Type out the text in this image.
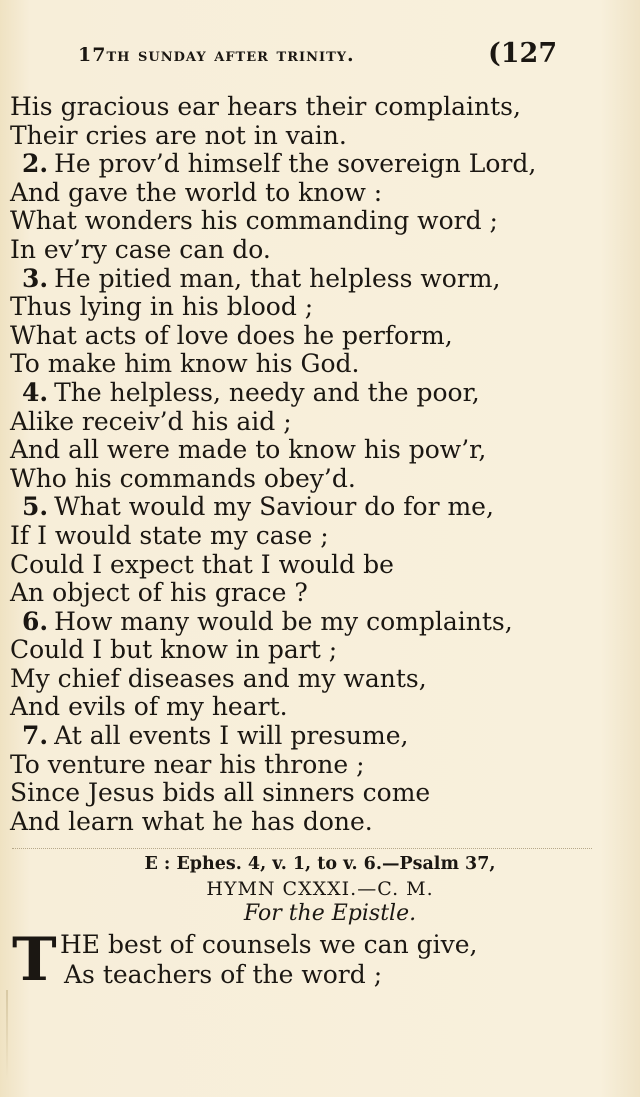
17th sunday after trinity.	(127
His gracious ear hears their complaints,
Their cries are not in vain.
2. He prov’d himself the sovereign Lord,
And gave the world to know :
What wonders his commanding word ;
In ev’ry case can do.
3. He pitied man, that helpless worm,
Thus lying in his blood ;
What acts of love does he perform,
To make him know his God.
4. The helpless, needy and the poor,
Alike receiv’d his aid ;
And all were made to know his pow’r,
Who his commands obey’d.
5. What would my Saviour do for me,
If I would state my case ;
Could I expect that I would be
An object of his grace ?
6. How many would be my complaints,
Could I but know in part ;
My chief diseases and my wants,
And evils of my heart.
7. At all events I will presume,
To venture near his throne ;
Since Jesus bids all sinners come
And learn what he has done.
E : Ephes. 4, v. 1, to v. 6.—Psalm 37,
HYMN CXXXI.—C. M.
For the Epistle.
T HE best of counsels we can give,
As teachers of the word ;
